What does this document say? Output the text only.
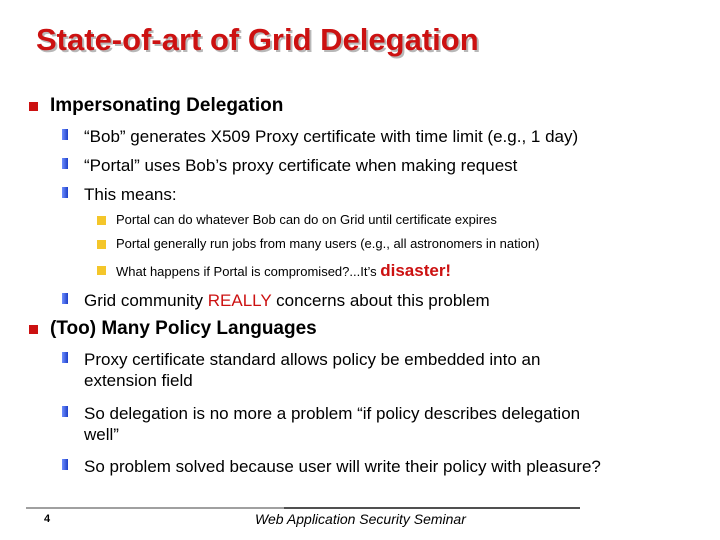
State-of-art of Grid Delegation
Impersonating Delegation
“Bob” generates X509 Proxy certificate with time limit (e.g., 1 day)
“Portal” uses Bob’s proxy certificate when making request
This means:
Portal can do whatever Bob can do on Grid until certificate expires
Portal generally run jobs from many users (e.g., all astronomers in nation)
What happens if Portal is compromised?...It’s disaster!
Grid community REALLY concerns about this problem
(Too) Many Policy Languages
Proxy certificate standard allows policy be embedded into an
extension field
So delegation is no more a problem “if policy describes delegation
well”
So problem solved because user will write their policy with pleasure?
4	Web Application Security Seminar
